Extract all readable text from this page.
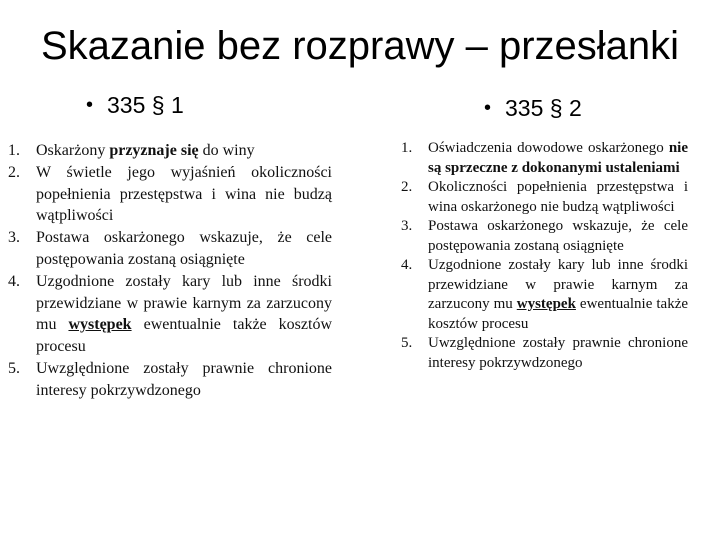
Skazanie bez rozprawy – przesłanki
• 335 § 1	• 335 § 2
1. Oskarżony przyznaje się do winy
2. W świetle jego wyjaśnień okoliczności popełnienia przestępstwa i wina nie budzą wątpliwości
3. Postawa oskarżonego wskazuje, że cele postępowania zostaną osiągnięte
4. Uzgodnione zostały kary lub inne środki przewidziane w prawie karnym za zarzucony mu występek ewentualnie także kosztów procesu
5. Uwzględnione zostały prawnie chronione interesy pokrzywdzonego
1. Oświadczenia dowodowe oskarżonego nie są sprzeczne z dokonanymi ustaleniami
2. Okoliczności popełnienia przestępstwa i wina oskarżonego nie budzą wątpliwości
3. Postawa oskarżonego wskazuje, że cele postępowania zostaną osiągnięte
4. Uzgodnione zostały kary lub inne środki przewidziane w prawie karnym za zarzucony mu występek ewentualnie także kosztów procesu
5. Uwzględnione zostały prawnie chronione interesy pokrzywdzonego
